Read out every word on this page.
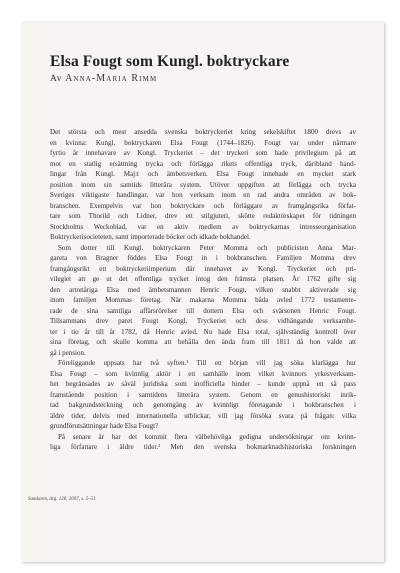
Elsa Fougt som Kungl. boktryckare
Av Anna-Maria Rimm
Det största och mest ansedda svenska boktryckeriet kring sekelskiftet 1800 drevs av
en kvinna: Kungl. boktryckaren Elsa Fougt (1744–1826). Fougt var under närmare
fyrtio år innehavare av Kongl. Tryckeriet – det tryckeri som hade privilegium på att
mot en statlig ersättning trycka och förlägga rikets offentliga tryck, däribland hand-
lingar från Kungl. Maj:t och ämbetsverken. Elsa Fougt innehade en mycket stark
position inom sin samtids litterära system. Utöver uppgiften att förlägga och trycka
Sveriges viktigaste handlingar, var hon verksam inom en rad andra områden av bok-
branschen. Exempelvis var hon boktryckare och förläggare av framgångsrika förfat-
tare som Thorild och Lidner, drev ett stilgjuteri, skötte redaktörskapet för tidningen
Stockholms Weckoblad, var en aktiv medlem av boktryckarnas intresseorganisation
Boktryckerisocieteten, samt importerade böcker och idkade bokhandel.
Som dotter till Kungl. boktryckaren Peter Momma och publicisten Anna Mar-
gareta von Bragner föddes Elsa Fougt in i bokbranschen. Familjen Momma drev
framgångsrikt ett boktryckeriimperium där innehavet av Kongl. Tryckeriet och pri-
vilegiet att ge ut det offentliga trycket intog den främsta platsen. År 1762 gifte sig
den artonåriga Elsa med ämbetsmannen Henric Fougt, vilken snabbt aktiverade sig
inom familjen Mommas företag. När makarna Momma båda avled 1772 testamente-
rade de sina samtliga affärsrörelser till dottern Elsa och svärsonen Henric Fougt.
Tillsammans drev paret Fougt Kongl. Tryckeriet och dess vidhängande verksamhe-
ter i tio år till år 1782, då Henric avled. Nu hade Elsa total, självständig kontroll över
sina företag, och skulle komma att behålla den ända fram till 1811 då hon valde att
gå i pension.
Föreliggande uppsats har två syften.¹ Till en början vill jag söka klarlägga hur
Elsa Fougt – som kvinnlig aktör i ett samhälle inom vilket kvinnors yrkesverksam-
het begränsades av såväl juridiska som inofficiella hinder – kunde uppnå en så pass
framstående position i samtidens litterära system. Genom en genushistoriskt inrik-
tad bakgrundsteckning och genomgång av kvinnligt företagande i bokbranschen i
äldre tider, delvis med internationella utblickar, vill jag försöka svara på frågan: vilka
grundförutsättningar hade Elsa Fougt?
På senare år har det kommit flera välbehövliga gedigna undersökningar om kvinn-
liga författare i äldre tider.² Men den svenska bokmarknadshistoriska forskningen
Samlaren, årg. 128, 2007, s. 5–51
